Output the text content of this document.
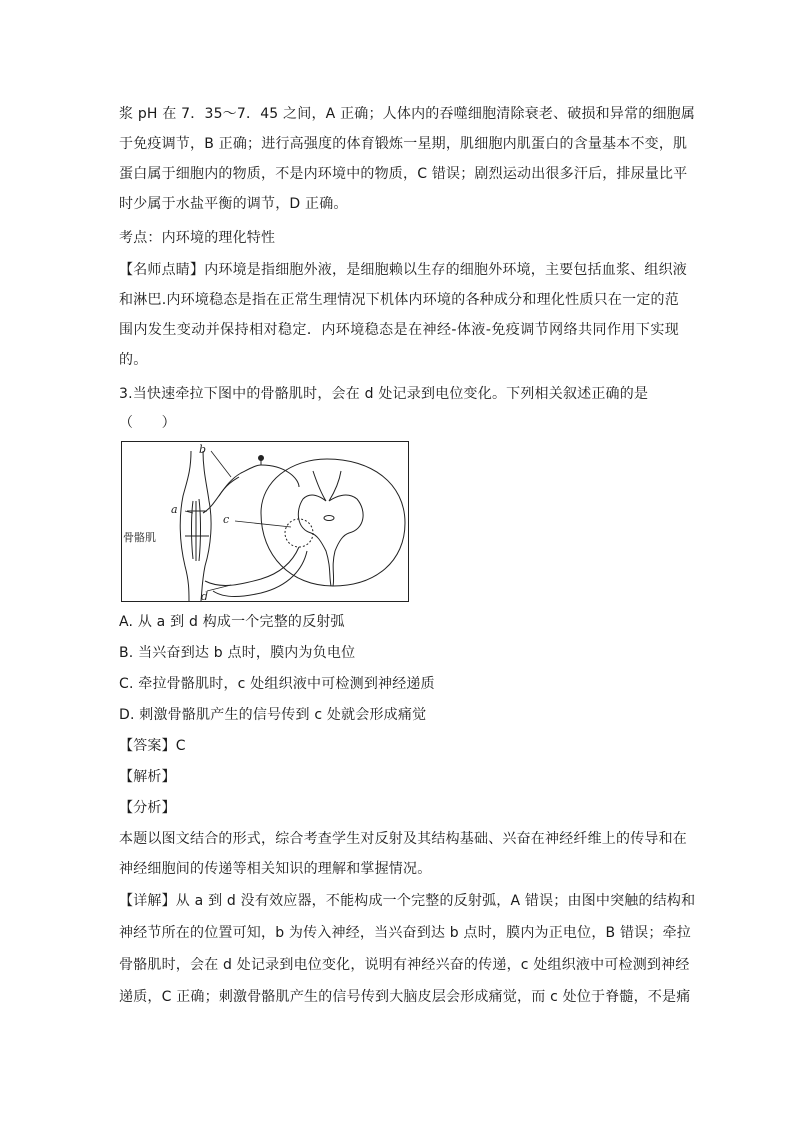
浆 pH 在 7．35～7．45 之间，A 正确；人体内的吞噬细胞清除衰老、破损和异常的细胞属
于免疫调节，B 正确；进行高强度的体育锻炼一星期，肌细胞内肌蛋白的含量基本不变，肌
蛋白属于细胞内的物质，不是内环境中的物质，C 错误；剧烈运动出很多汗后，排尿量比平
时少属于水盐平衡的调节，D 正确。
考点：内环境的理化特性
【名师点睛】内环境是指细胞外液，是细胞赖以生存的细胞外环境，主要包括血浆、组织液
和淋巴.内环境稳态是指在正常生理情况下机体内环境的各种成分和理化性质只在一定的范
围内发生变动并保持相对稳定．内环境稳态是在神经-体液-免疫调节网络共同作用下实现
的。
3.当快速牵拉下图中的骨骼肌时，会在 d 处记录到电位变化。下列相关叙述正确的是
（　　）
b
a
c
d
骨骼肌
A. 从 a 到 d 构成一个完整的反射弧
B. 当兴奋到达 b 点时，膜内为负电位
C. 牵拉骨骼肌时，c 处组织液中可检测到神经递质
D. 刺激骨骼肌产生的信号传到 c 处就会形成痛觉
【答案】C
【解析】
【分析】
本题以图文结合的形式，综合考查学生对反射及其结构基础、兴奋在神经纤维上的传导和在
神经细胞间的传递等相关知识的理解和掌握情况。
【详解】从 a 到 d 没有效应器，不能构成一个完整的反射弧，A 错误；由图中突触的结构和
神经节所在的位置可知，b 为传入神经，当兴奋到达 b 点时，膜内为正电位，B 错误；牵拉
骨骼肌时，会在 d 处记录到电位变化，说明有神经兴奋的传递，c 处组织液中可检测到神经
递质，C 正确；刺激骨骼肌产生的信号传到大脑皮层会形成痛觉，而 c 处位于脊髓，不是痛
